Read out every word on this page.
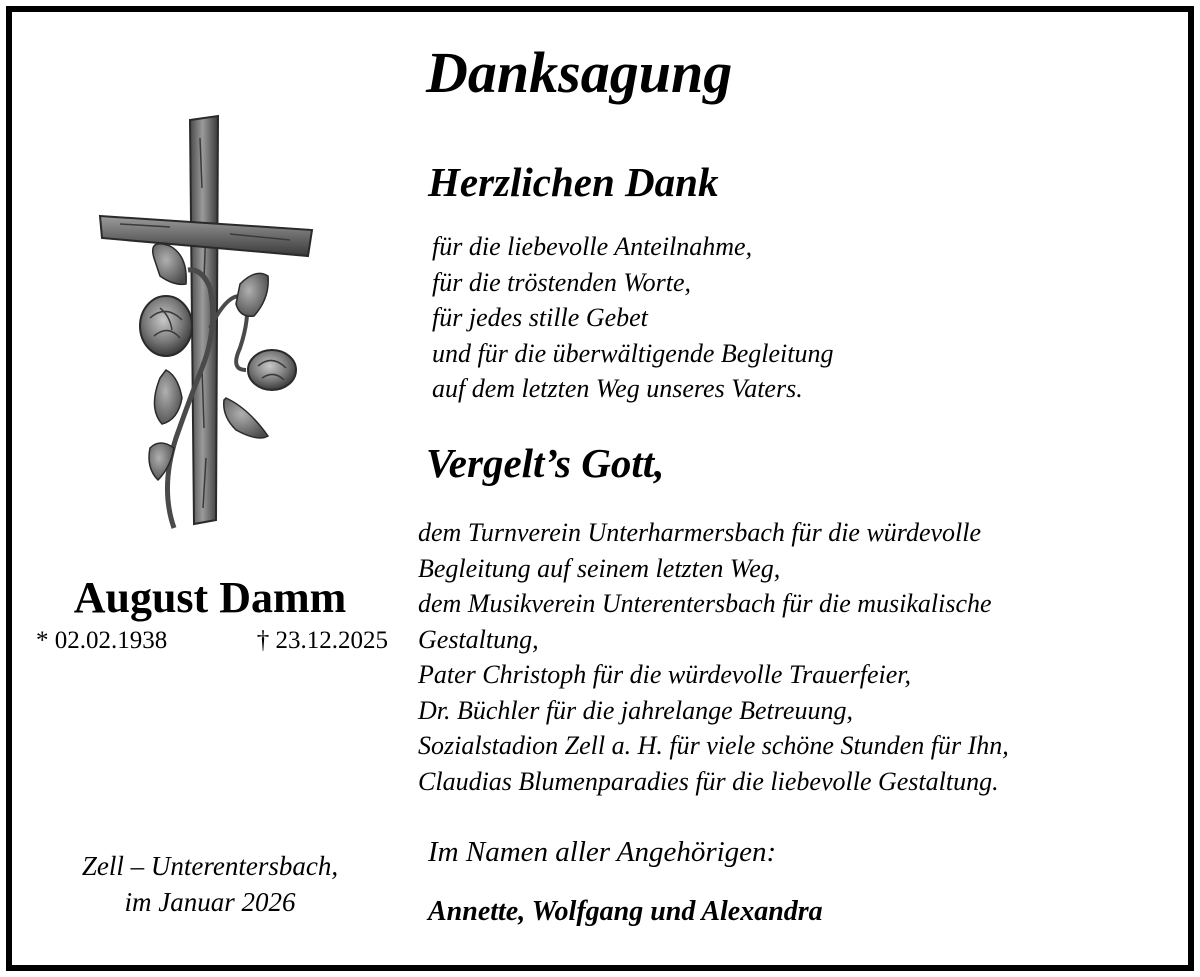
August Damm
* 02.02.1938	† 23.12.2025
Zell – Unterentersbach,
im Januar 2026
Danksagung
Herzlichen Dank
für die liebevolle Anteilnahme,
für die tröstenden Worte,
für jedes stille Gebet
und für die überwältigende Begleitung
auf dem letzten Weg unseres Vaters.
Vergelt’s Gott,
dem Turnverein Unterharmersbach für die würdevolle
Begleitung auf seinem letzten Weg,
dem Musikverein Unterentersbach für die musikalische
Gestaltung,
Pater Christoph für die würdevolle Trauerfeier,
Dr. Büchler für die jahrelange Betreuung,
Sozialstadion Zell a. H. für viele schöne Stunden für Ihn,
Claudias Blumenparadies für die liebevolle Gestaltung.
Im Namen aller Angehörigen:
Annette, Wolfgang und Alexandra
